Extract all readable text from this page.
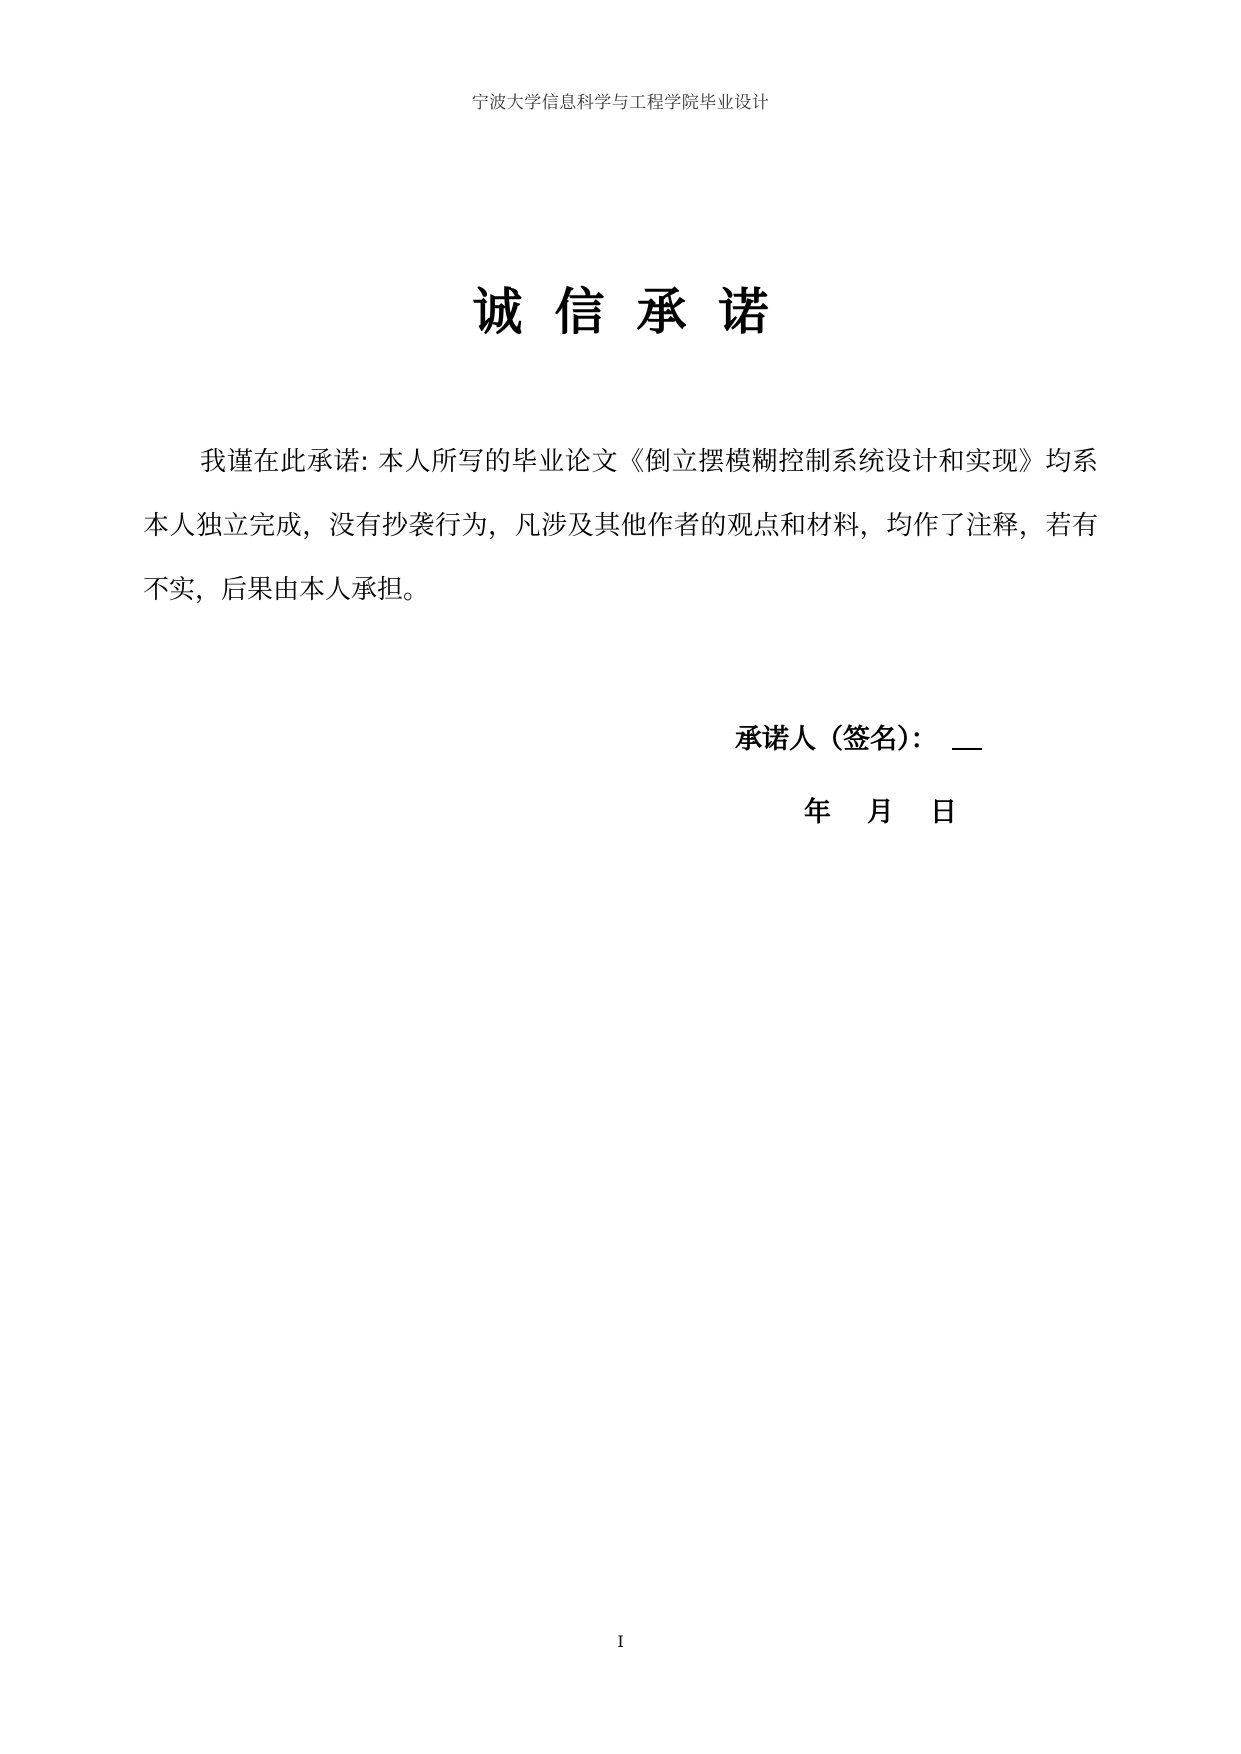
宁波大学信息科学与工程学院毕业设计
诚信承诺

我谨在此承诺: 本人所写的毕业论文《倒立摆模糊控制系统设计和实现》均系本人独立完成，没有抄袭行为，凡涉及其他作者的观点和材料，均作了注释，若有不实，后果由本人承担。

承诺人（签名）：
年 月 日
I
